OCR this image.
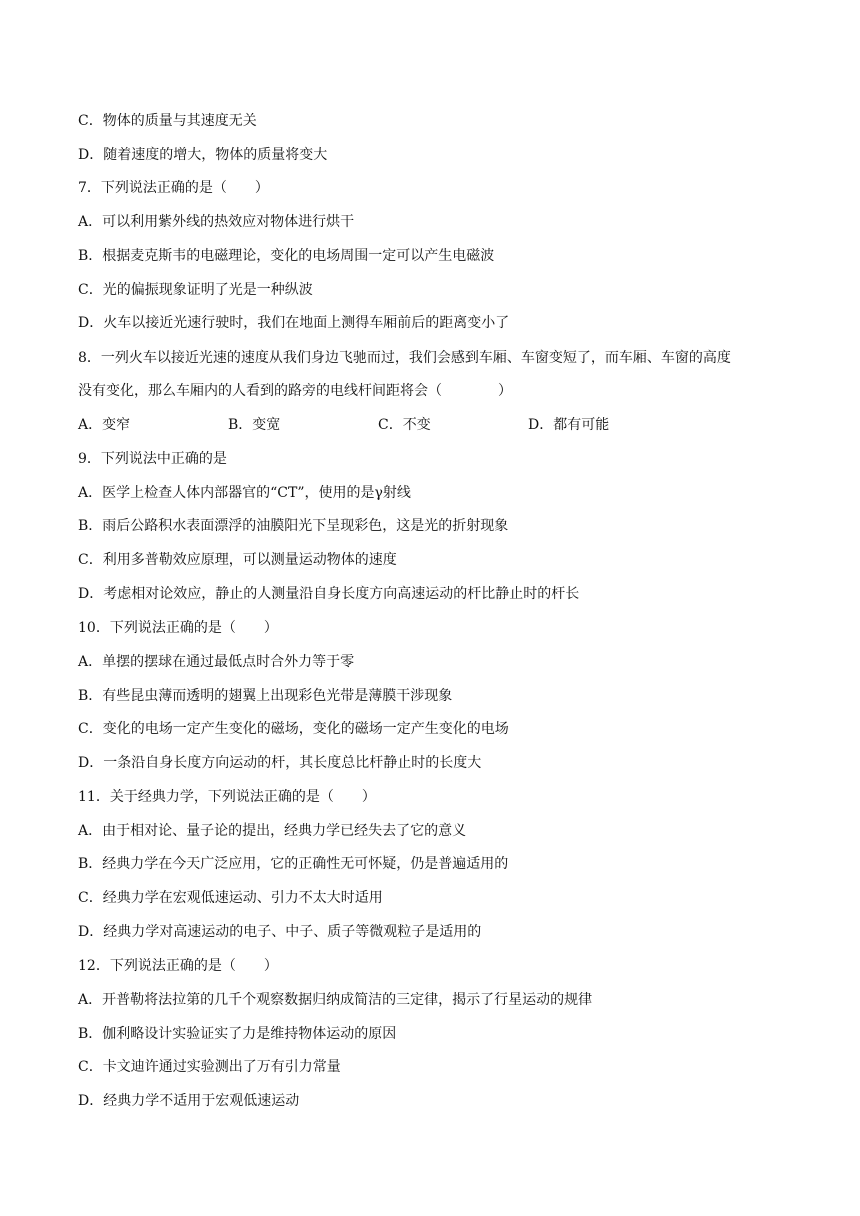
C．物体的质量与其速度无关
D．随着速度的增大，物体的质量将变大
7．下列说法正确的是（　　）
A．可以利用紫外线的热效应对物体进行烘干
B．根据麦克斯韦的电磁理论，变化的电场周围一定可以产生电磁波
C．光的偏振现象证明了光是一种纵波
D．火车以接近光速行驶时，我们在地面上测得车厢前后的距离变小了
8．一列火车以接近光速的速度从我们身边飞驰而过，我们会感到车厢、车窗变短了，而车厢、车窗的高度
没有变化，那么车厢内的人看到的路旁的电线杆间距将会（　　　　）
A．变窄	B．变宽	C．不变	D．都有可能
9．下列说法中正确的是
A．医学上检查人体内部器官的“CT”，使用的是γ射线
B．雨后公路积水表面漂浮的油膜阳光下呈现彩色，这是光的折射现象
C．利用多普勒效应原理，可以测量运动物体的速度
D．考虑相对论效应，静止的人测量沿自身长度方向高速运动的杆比静止时的杆长
10．下列说法正确的是（　　）
A．单摆的摆球在通过最低点时合外力等于零
B．有些昆虫薄而透明的翅翼上出现彩色光带是薄膜干涉现象
C．变化的电场一定产生变化的磁场，变化的磁场一定产生变化的电场
D．一条沿自身长度方向运动的杆，其长度总比杆静止时的长度大
11．关于经典力学，下列说法正确的是（　　）
A．由于相对论、量子论的提出，经典力学已经失去了它的意义
B．经典力学在今天广泛应用，它的正确性无可怀疑，仍是普遍适用的
C．经典力学在宏观低速运动、引力不太大时适用
D．经典力学对高速运动的电子、中子、质子等微观粒子是适用的
12．下列说法正确的是（　　）
A．开普勒将法拉第的几千个观察数据归纳成简洁的三定律，揭示了行星运动的规律
B．伽利略设计实验证实了力是维持物体运动的原因
C．卡文迪许通过实验测出了万有引力常量
D．经典力学不适用于宏观低速运动
